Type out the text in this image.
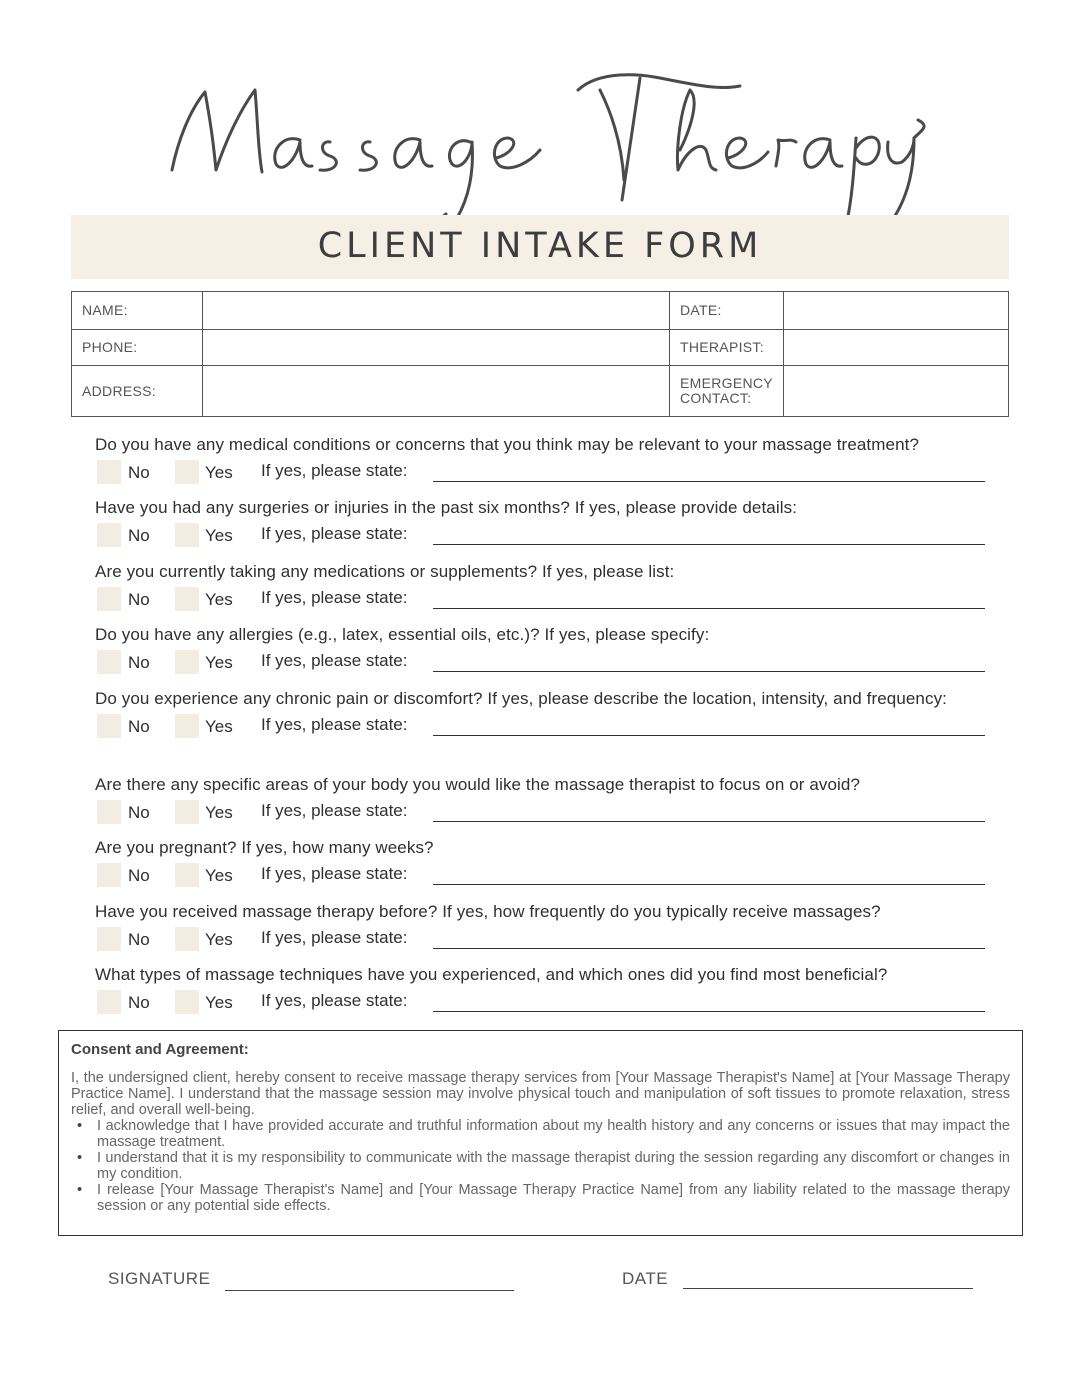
CLIENT INTAKE FORM
NAME:		DATE:	
PHONE:		THERAPIST:	
ADDRESS:		EMERGENCY
CONTACT:	

Do you have any medical conditions or concerns that you think may be relevant to your massage treatment?
No	Yes If yes, please state:
Have you had any surgeries or injuries in the past six months? If yes, please provide details:
No	Yes If yes, please state:
Are you currently taking any medications or supplements? If yes, please list:
No	Yes If yes, please state:
Do you have any allergies (e.g., latex, essential oils, etc.)? If yes, please specify:
No	Yes If yes, please state:
Do you experience any chronic pain or discomfort? If yes, please describe the location, intensity, and frequency:
No	Yes If yes, please state:
Are there any specific areas of your body you would like the massage therapist to focus on or avoid?
No	Yes If yes, please state:
Are you pregnant? If yes, how many weeks?
No	Yes If yes, please state:
Have you received massage therapy before? If yes, how frequently do you typically receive massages?
No	Yes If yes, please state:
What types of massage techniques have you experienced, and which ones did you find most beneficial?
No	Yes If yes, please state:
Consent and Agreement:
I, the undersigned client, hereby consent to receive massage therapy services from [Your Massage Therapist's Name] at [Your Massage Therapy Practice Name]. I understand that the massage session may involve physical touch and manipulation of soft tissues to promote relaxation, stress relief, and overall well-being.
• I acknowledge that I have provided accurate and truthful information about my health history and any concerns or issues that may impact the massage treatment.
• I understand that it is my responsibility to communicate with the massage therapist during the session regarding any discomfort or changes in my condition.
• I release [Your Massage Therapist's Name] and [Your Massage Therapy Practice Name] from any liability related to the massage therapy session or any potential side effects.
SIGNATURE	DATE
